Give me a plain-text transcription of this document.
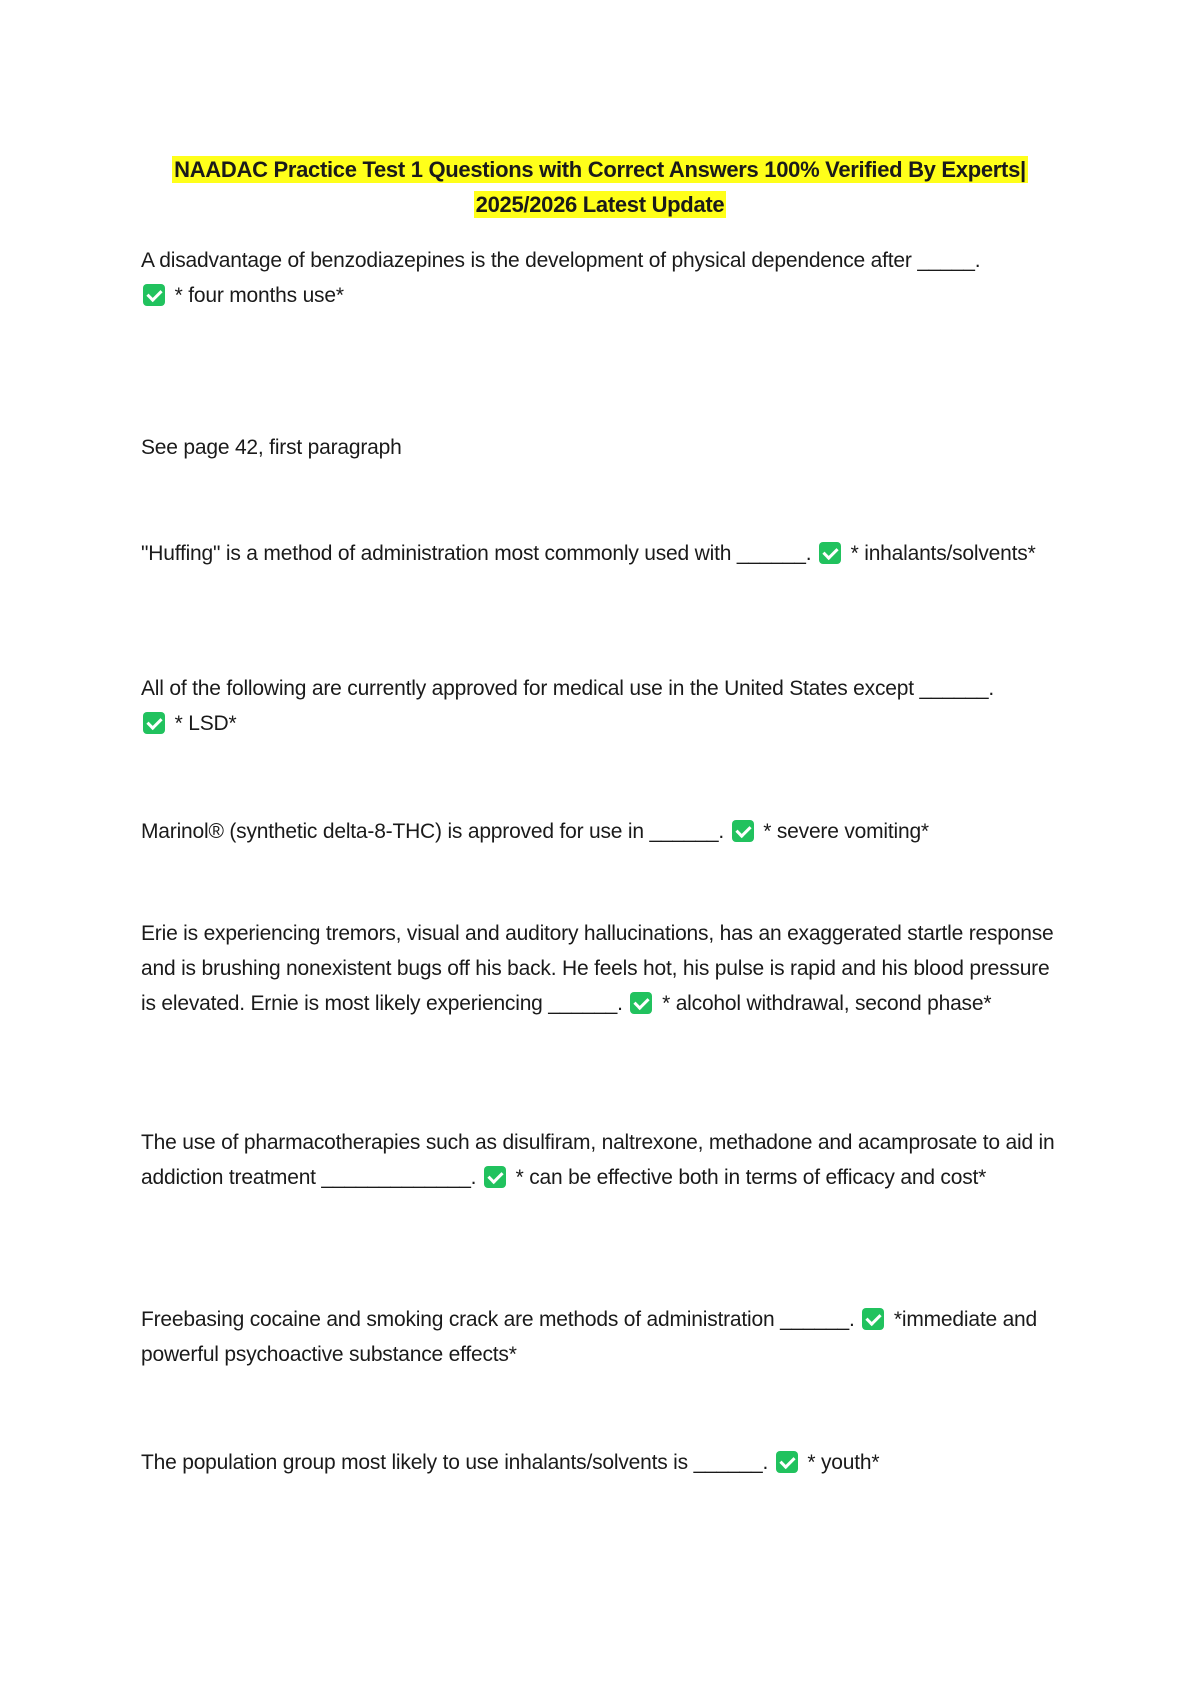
NAADAC Practice Test 1 Questions with Correct Answers 100% Verified By Experts|
2025/2026 Latest Update
A disadvantage of benzodiazepines is the development of physical dependence after _____.
* four months use*
See page 42, first paragraph
"Huffing" is a method of administration most commonly used with ______. * inhalants/solvents*
All of the following are currently approved for medical use in the United States except ______.
* LSD*
Marinol® (synthetic delta-8-THC) is approved for use in ______. * severe vomiting*
Erie is experiencing tremors, visual and auditory hallucinations, has an exaggerated startle response and is brushing nonexistent bugs off his back. He feels hot, his pulse is rapid and his blood pressure is elevated. Ernie is most likely experiencing ______. * alcohol withdrawal, second phase*
The use of pharmacotherapies such as disulfiram, naltrexone, methadone and acamprosate to aid in addiction treatment _____________. * can be effective both in terms of efficacy and cost*
Freebasing cocaine and smoking crack are methods of administration ______. *immediate and powerful psychoactive substance effects*
The population group most likely to use inhalants/solvents is ______. * youth*
